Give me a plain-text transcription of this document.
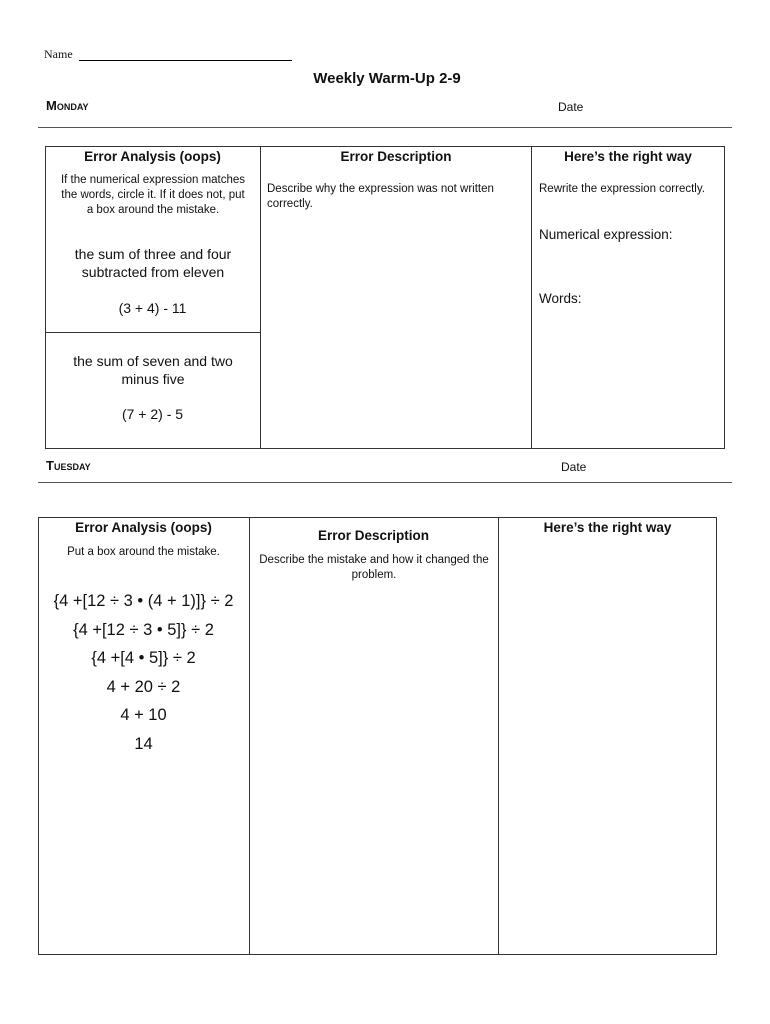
Name
Weekly Warm-Up 2-9
Monday	Date
Error Analysis (oops)
If the numerical expression matches the words, circle it. If it does not, put a box around the mistake.
the sum of three and four subtracted from eleven
(3 + 4) - 11
the sum of seven and two minus five
(7 + 2) - 5
Error Description
Describe why the expression was not written correctly.
Here’s the right way
Rewrite the expression correctly.
Numerical expression:
Words:
Tuesday	Date
Error Analysis (oops)
Put a box around the mistake.
{4 +[12 ÷ 3 • (4 + 1)]} ÷ 2
{4 +[12 ÷ 3 • 5]} ÷ 2
{4 +[4 • 5]} ÷ 2
4 + 20 ÷ 2
4 + 10
14
Error Description
Describe the mistake and how it changed the problem.
Here’s the right way
